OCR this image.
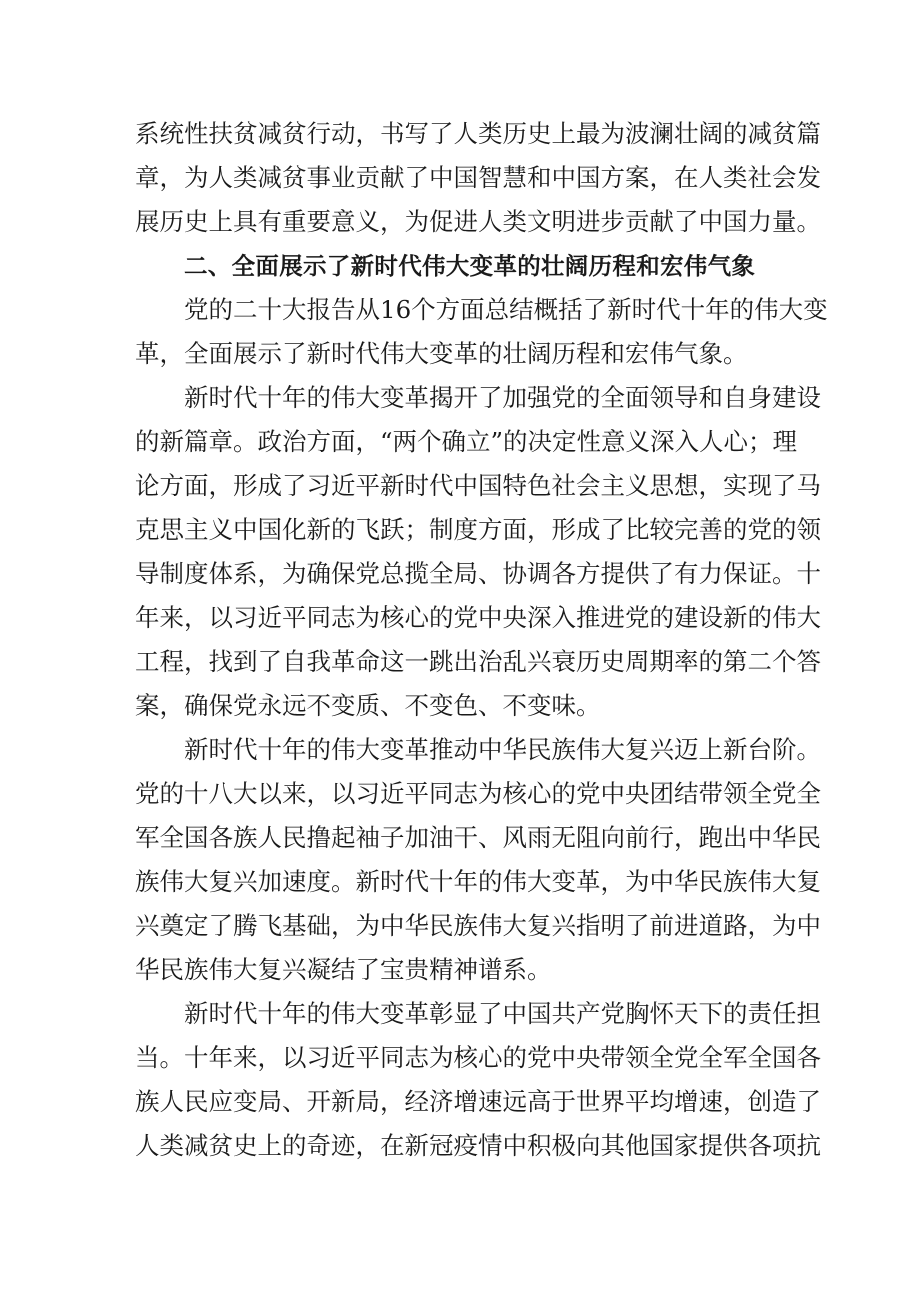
系统性扶贫减贫行动，书写了人类历史上最为波澜壮阔的减贫篇
章，为人类减贫事业贡献了中国智慧和中国方案，在人类社会发
展历史上具有重要意义，为促进人类文明进步贡献了中国力量。
二、全面展示了新时代伟大变革的壮阔历程和宏伟气象
党的二十大报告从16个方面总结概括了新时代十年的伟大变
革，全面展示了新时代伟大变革的壮阔历程和宏伟气象。
新时代十年的伟大变革揭开了加强党的全面领导和自身建设
的新篇章。政治方面，“两个确立”的决定性意义深入人心；理
论方面，形成了习近平新时代中国特色社会主义思想，实现了马
克思主义中国化新的飞跃；制度方面，形成了比较完善的党的领
导制度体系，为确保党总揽全局、协调各方提供了有力保证。十
年来，以习近平同志为核心的党中央深入推进党的建设新的伟大
工程，找到了自我革命这一跳出治乱兴衰历史周期率的第二个答
案，确保党永远不变质、不变色、不变味。
新时代十年的伟大变革推动中华民族伟大复兴迈上新台阶。
党的十八大以来，以习近平同志为核心的党中央团结带领全党全
军全国各族人民撸起袖子加油干、风雨无阻向前行，跑出中华民
族伟大复兴加速度。新时代十年的伟大变革，为中华民族伟大复
兴奠定了腾飞基础，为中华民族伟大复兴指明了前进道路，为中
华民族伟大复兴凝结了宝贵精神谱系。
新时代十年的伟大变革彰显了中国共产党胸怀天下的责任担
当。十年来，以习近平同志为核心的党中央带领全党全军全国各
族人民应变局、开新局，经济增速远高于世界平均增速，创造了
人类减贫史上的奇迹，在新冠疫情中积极向其他国家提供各项抗
